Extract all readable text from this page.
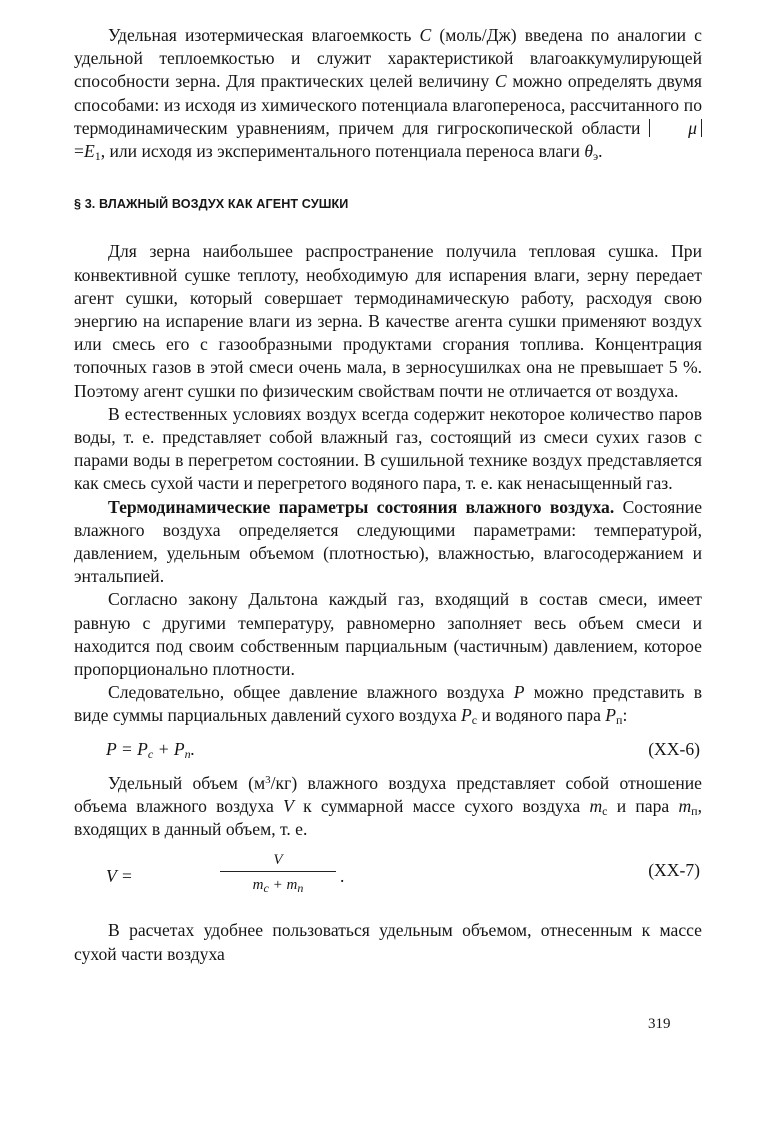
Удельная изотермическая влагоемкость C (моль/Дж) введена по аналогии с удельной теплоемкостью и служит характеристикой влагоаккумулирующей способности зерна. Для практических целей величину C можно определять двумя способами: из исходя из химического потенциала влагопереноса, рассчитанного по термодинамическим уравнениям, причем для гигроскопической области $\mu =E_1$, или исходя из экспериментального потенциала переноса влаги $\theta_э$.

§ 3. ВЛАЖНЫЙ ВОЗДУХ КАК АГЕНТ СУШКИ

Для зерна наибольшее распространение получила тепловая сушка. При конвективной сушке теплоту, необходимую для испарения влаги, зерну передает агент сушки, который совершает термодинамическую работу, расходуя свою энергию на испарение влаги из зерна. В качестве агента сушки применяют воздух или смесь его с газообразными продуктами сгорания топлива. Концентрация топочных газов в этой смеси очень мала, в зерносушилках она не превышает 5 %. Поэтому агент сушки по физическим свойствам почти не отличается от воздуха.

В естественных условиях воздух всегда содержит некоторое количество паров воды, т. е. представляет собой влажный газ, состоящий из смеси сухих газов с парами воды в перегретом состоянии. В сушильной технике воздух представляется как смесь сухой части и перегретого водяного пара, т. е. как ненасыщенный газ.

Термодинамические параметры состояния влажного воздуха. Состояние влажного воздуха определяется следующими параметрами: температурой, давлением, удельным объемом (плотностью), влажностью, влагосодержанием и энтальпией.

Согласно закону Дальтона каждый газ, входящий в состав смеси, имеет равную с другими температуру, равномерно заполняет весь объем смеси и находится под своим собственным парциальным (частичным) давлением, которое пропорционально плотности.

Следовательно, общее давление влажного воздуха P можно представить в виде суммы парциальных давлений сухого воздуха $P_с$ и водяного пара $P_п$:

$P = P_с + P_п$.	(XX-6)

Удельный объем $(м^3/кг)$ влажного воздуха представляет собой отношение объема влажного воздуха V к суммарной массе сухого воздуха $m_с$ и пара $m_п$, входящих в данный объем, т. е.

V =
V
$m_с + m_п$
.	(XX-7)

В расчетах удобнее пользоваться удельным объемом, отнесенным к массе сухой части воздуха

319
